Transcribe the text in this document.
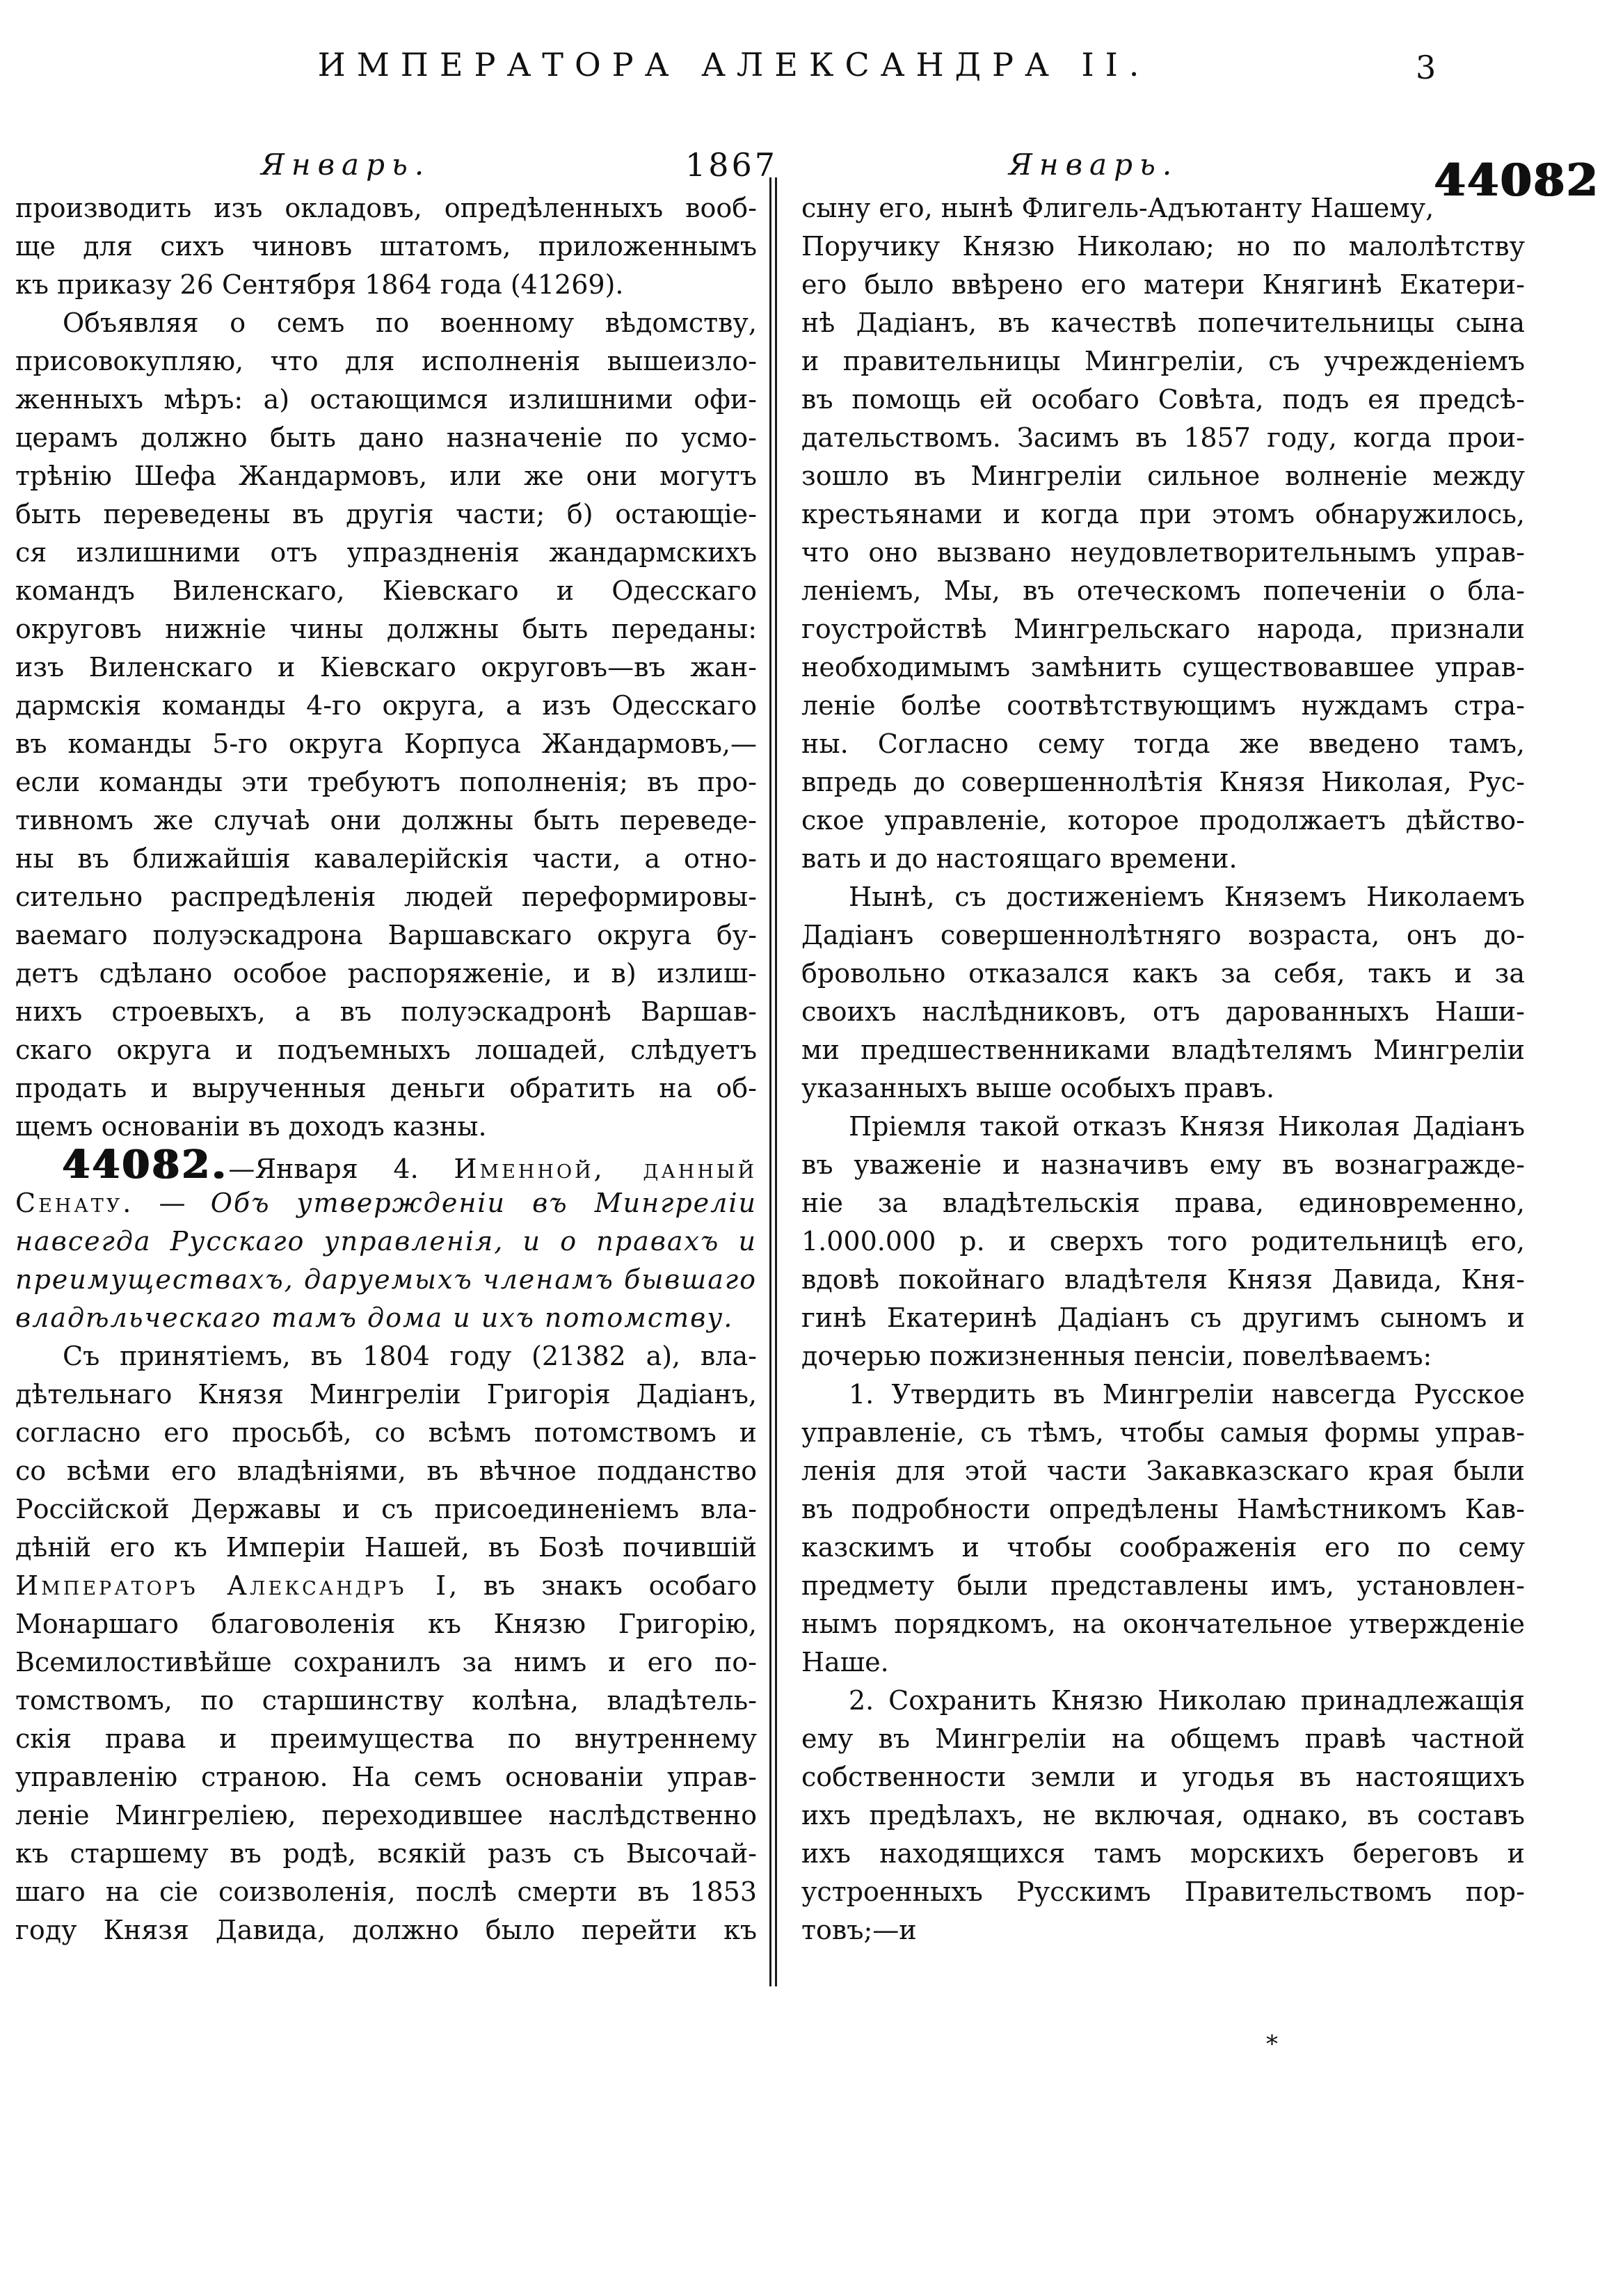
ИМПЕРАТОРА АЛЕКСАНДРА II.	3
Январь.	1867	Январь.	44082
производить изъ окладовъ, опредѣленныхъ вооб-
ще для сихъ чиновъ штатомъ, приложеннымъ
къ приказу 26 Сентября 1864 года (41269).
Объявляя о семъ по военному вѣдомству,
присовокупляю, что для исполненія вышеизло-
женныхъ мѣръ: а) остающимся излишними офи-
церамъ должно быть дано назначеніе по усмо-
трѣнію Шефа Жандармовъ, или же они могутъ
быть переведены въ другія части; б) остающіе-
ся излишними отъ упраздненія жандармскихъ
командъ Виленскаго, Кіевскаго и Одесскаго
округовъ нижніе чины должны быть переданы:
изъ Виленскаго и Кіевскаго округовъ—въ жан-
дармскія команды 4-го округа, а изъ Одесскаго
въ команды 5-го округа Корпуса Жандармовъ,—
если команды эти требуютъ пополненія; въ про-
тивномъ же случаѣ они должны быть переведе-
ны въ ближайшія кавалерійскія части, а отно-
сительно распредѣленія людей переформировы-
ваемаго полуэскадрона Варшавскаго округа бу-
детъ сдѣлано особое распоряженіе, и в) излиш-
нихъ строевыхъ, а въ полуэскадронѣ Варшав-
скаго округа и подъемныхъ лошадей, слѣдуетъ
продать и вырученныя деньги обратить на об-
щемъ основаніи въ доходъ казны.
44082.—Января 4. Именной, данный
Сенату. — Объ утвержденіи въ Мингреліи
навсегда Русскаго управленія, и о правахъ и
преимуществахъ, даруемыхъ членамъ бывшаго
владѣльческаго тамъ дома и ихъ потомству.
Съ принятіемъ, въ 1804 году (21382 а), вла-
дѣтельнаго Князя Мингреліи Григорія Дадіанъ,
согласно его просьбѣ, со всѣмъ потомствомъ и
со всѣми его владѣніями, въ вѣчное подданство
Россійской Державы и съ присоединеніемъ вла-
дѣній его къ Имперіи Нашей, въ Бозѣ почившій
Императоръ Александръ I, въ знакъ особаго
Монаршаго благоволенія къ Князю Григорію,
Всемилостивѣйше сохранилъ за нимъ и его по-
томствомъ, по старшинству колѣна, владѣтель-
скія права и преимущества по внутреннему
управленію страною. На семъ основаніи управ-
леніе Мингреліею, переходившее наслѣдственно
къ старшему въ родѣ, всякій разъ съ Высочай-
шаго на сіе соизволенія, послѣ смерти въ 1853
году Князя Давида, должно было перейти къ
сыну его, нынѣ Флигель-Адъютанту Нашему,
Поручику Князю Николаю; но по малолѣтству
его было ввѣрено его матери Княгинѣ Екатери-
нѣ Дадіанъ, въ качествѣ попечительницы сына
и правительницы Мингреліи, съ учрежденіемъ
въ помощь ей особаго Совѣта, подъ ея предсѣ-
дательствомъ. Засимъ въ 1857 году, когда прои-
зошло въ Мингреліи сильное волненіе между
крестьянами и когда при этомъ обнаружилось,
что оно вызвано неудовлетворительнымъ управ-
леніемъ, Мы, въ отеческомъ попеченіи о бла-
гоустройствѣ Мингрельскаго народа, признали
необходимымъ замѣнить существовавшее управ-
леніе болѣе соотвѣтствующимъ нуждамъ стра-
ны. Согласно сему тогда же введено тамъ,
впредь до совершеннолѣтія Князя Николая, Рус-
ское управленіе, которое продолжаетъ дѣйство-
вать и до настоящаго времени.
Нынѣ, съ достиженіемъ Княземъ Николаемъ
Дадіанъ совершеннолѣтняго возраста, онъ до-
бровольно отказался какъ за себя, такъ и за
своихъ наслѣдниковъ, отъ дарованныхъ Наши-
ми предшественниками владѣтелямъ Мингреліи
указанныхъ выше особыхъ правъ.
Пріемля такой отказъ Князя Николая Дадіанъ
въ уваженіе и назначивъ ему въ вознагражде-
ніе за владѣтельскія права, единовременно,
1.000.000 р. и сверхъ того родительницѣ его,
вдовѣ покойнаго владѣтеля Князя Давида, Кня-
гинѣ Екатеринѣ Дадіанъ съ другимъ сыномъ и
дочерью пожизненныя пенсіи, повелѣваемъ:
1. Утвердить въ Мингреліи навсегда Русское
управленіе, съ тѣмъ, чтобы самыя формы управ-
ленія для этой части Закавказскаго края были
въ подробности опредѣлены Намѣстникомъ Кав-
казскимъ и чтобы соображенія его по сему
предмету были представлены имъ, установлен-
нымъ порядкомъ, на окончательное утвержденіе
Наше.
2. Сохранить Князю Николаю принадлежащія
ему въ Мингреліи на общемъ правѣ частной
собственности земли и угодья въ настоящихъ
ихъ предѣлахъ, не включая, однако, въ составъ
ихъ находящихся тамъ морскихъ береговъ и
устроенныхъ Русскимъ Правительствомъ пор-
товъ;—и
*
